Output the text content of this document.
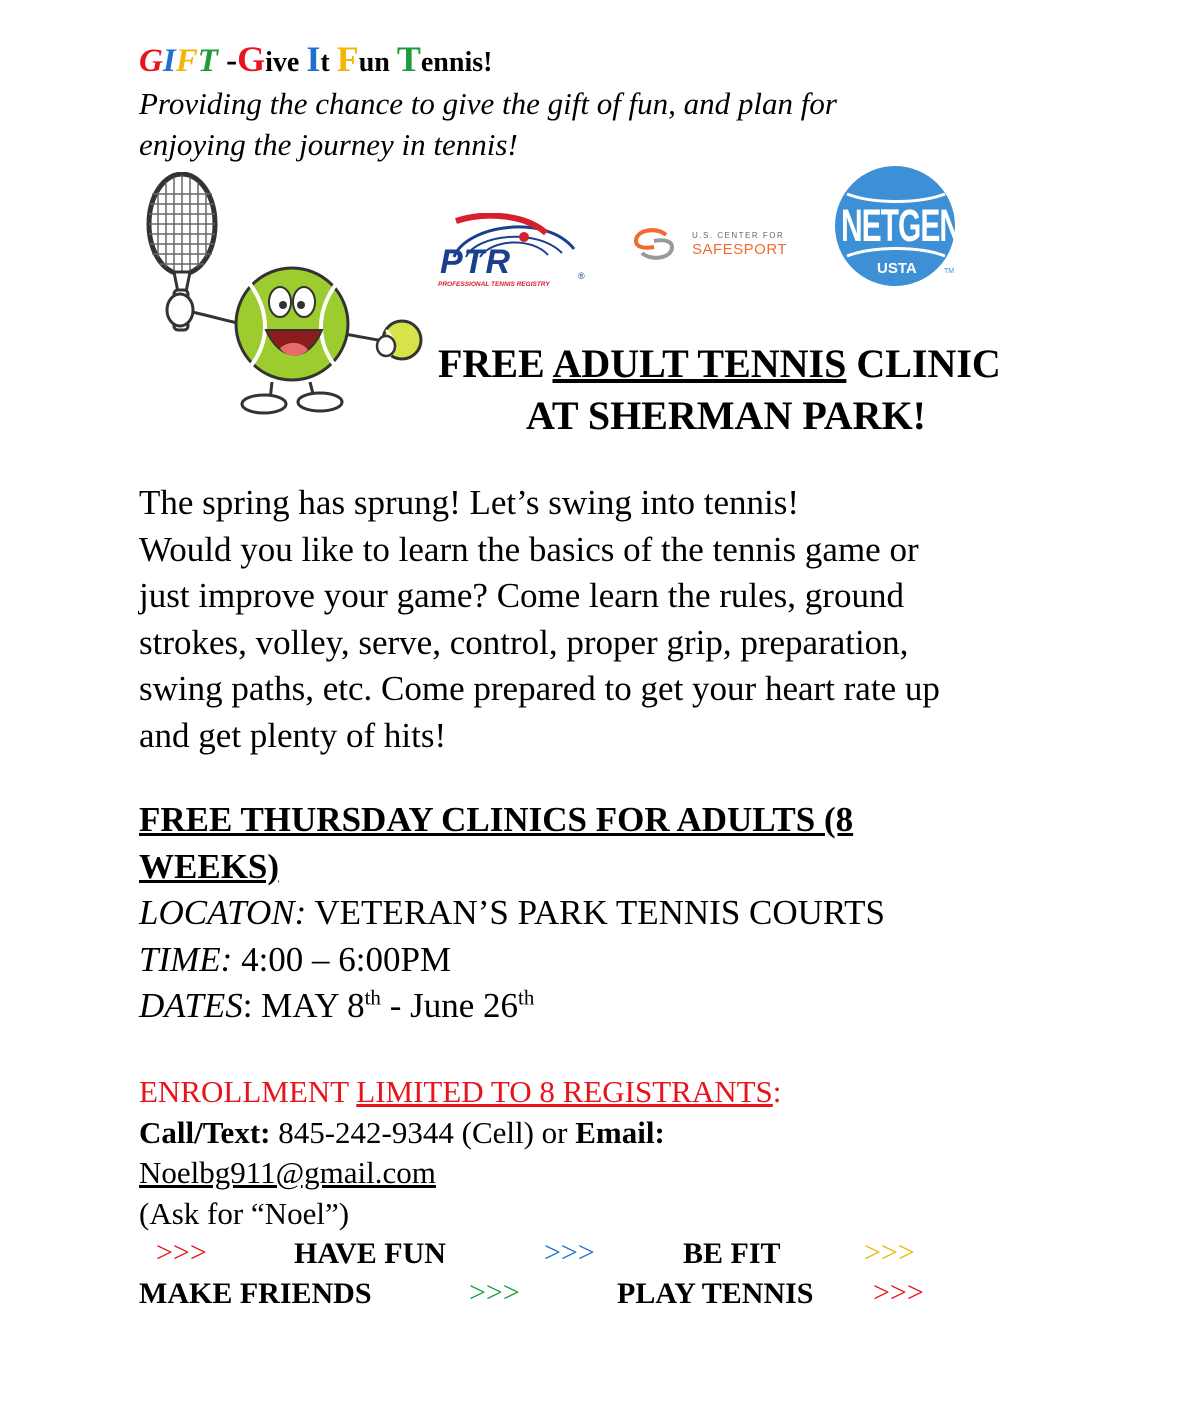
GIFT -Give It Fun Tennis!
Providing the chance to give the gift of fun, and plan for
enjoying the journey in tennis!
PTR	®
PROFESSIONAL TENNIS REGISTRY
U.S. CENTER FOR
SAFESPORT NETGEN
USTA	TM
FREE ADULT TENNIS CLINIC
AT SHERMAN PARK!
The spring has sprung! Let’s swing into tennis!
Would you like to learn the basics of the tennis game or
just improve your game? Come learn the rules, ground
strokes, volley, serve, control, proper grip, preparation,
swing paths, etc. Come prepared to get your heart rate up
and get plenty of hits!
FREE THURSDAY CLINICS FOR ADULTS (8
WEEKS)
LOCATON: VETERAN’S PARK TENNIS COURTS
TIME: 4:00 – 6:00PM
DATES: MAY 8th - June 26th
ENROLLMENT LIMITED TO 8 REGISTRANTS:
Call/Text: 845-242-9344 (Cell) or Email:
Noelbg911@gmail.com
(Ask for “Noel”)
>>>	HAVE FUN	>>>	BE FIT	>>>
MAKE FRIENDS	>>>	PLAY TENNIS >>>
